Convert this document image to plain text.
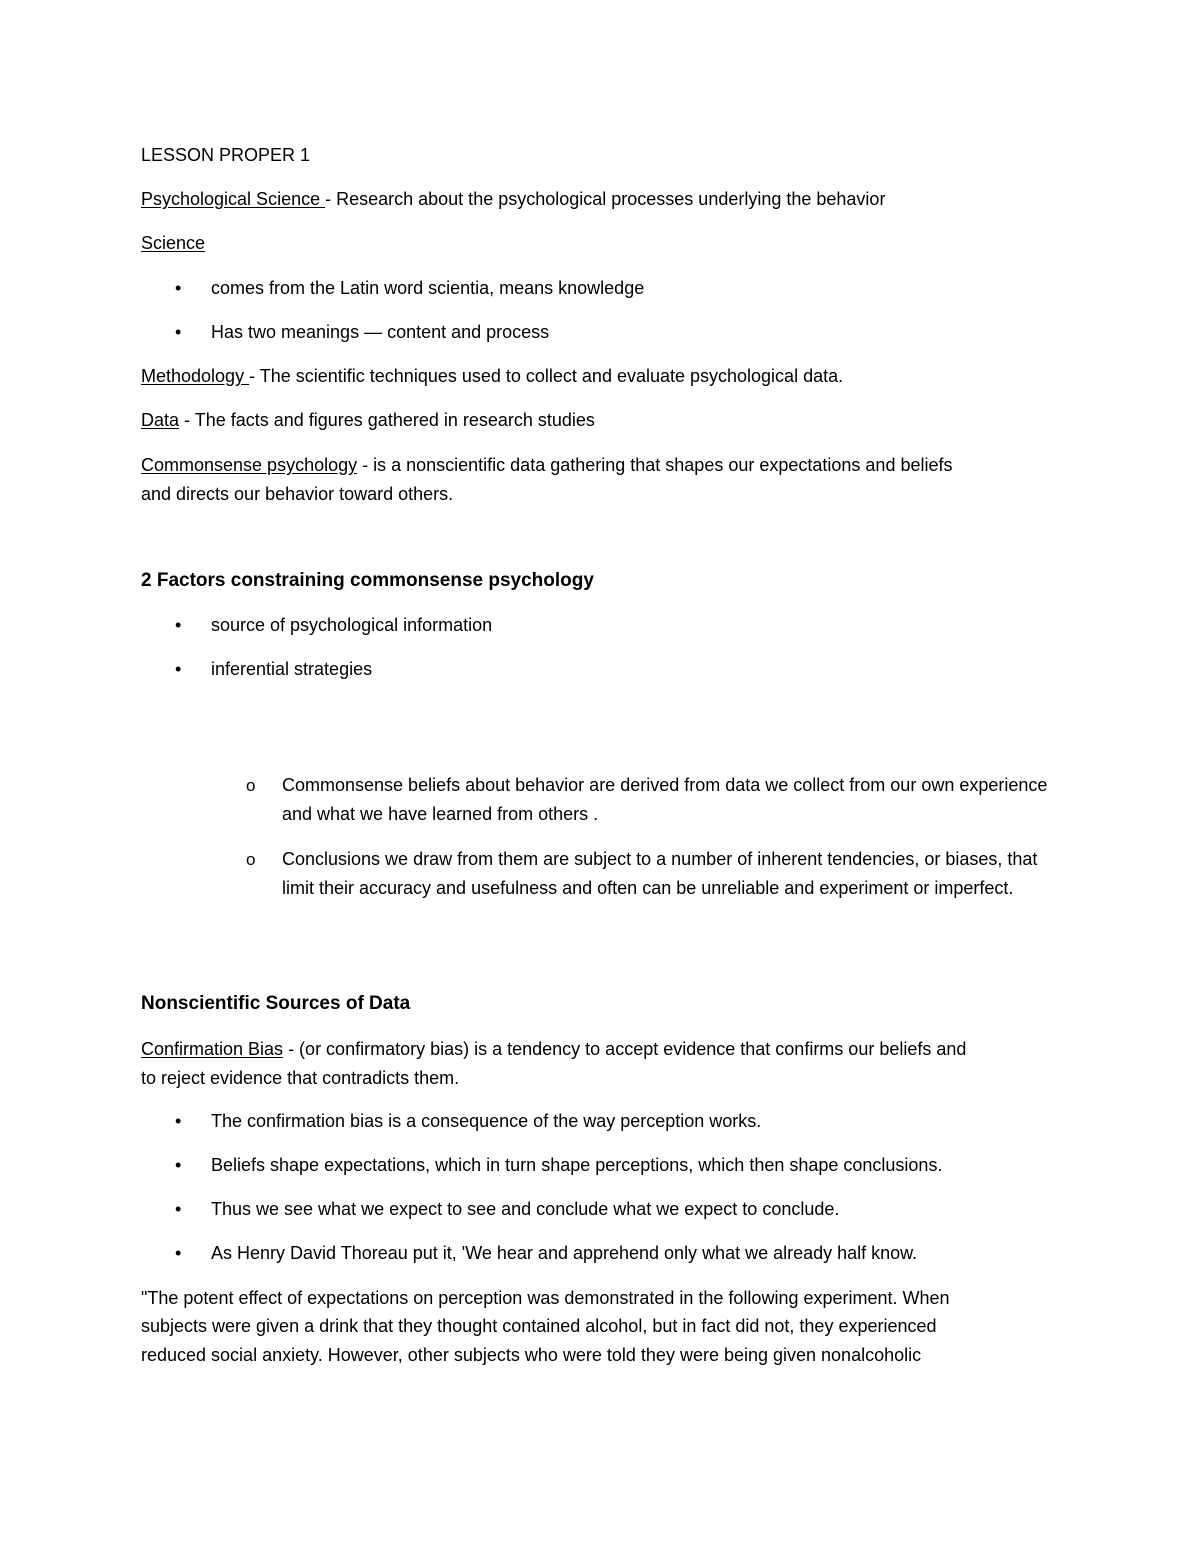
LESSON PROPER 1
Psychological Science - Research about the psychological processes underlying the behavior
Science
• comes from the Latin word scientia, means knowledge
• Has two meanings — content and process
Methodology - The scientific techniques used to collect and evaluate psychological data.
Data - The facts and figures gathered in research studies
Commonsense psychology - is a nonscientific data gathering that shapes our expectations and beliefs
and directs our behavior toward others.
2 Factors constraining commonsense psychology
• source of psychological information
• inferential strategies
o Commonsense beliefs about behavior are derived from data we collect from our own experience and what we have learned from others .
o Conclusions we draw from them are subject to a number of inherent tendencies, or biases, that limit their accuracy and usefulness and often can be unreliable and experiment or imperfect.
Nonscientific Sources of Data
Confirmation Bias - (or confirmatory bias) is a tendency to accept evidence that confirms our beliefs and
to reject evidence that contradicts them.
• The confirmation bias is a consequence of the way perception works.
• Beliefs shape expectations, which in turn shape perceptions, which then shape conclusions.
• Thus we see what we expect to see and conclude what we expect to conclude.
• As Henry David Thoreau put it, 'We hear and apprehend only what we already half know.
"The potent effect of expectations on perception was demonstrated in the following experiment. When
subjects were given a drink that they thought contained alcohol, but in fact did not, they experienced
reduced social anxiety. However, other subjects who were told they were being given nonalcoholic
